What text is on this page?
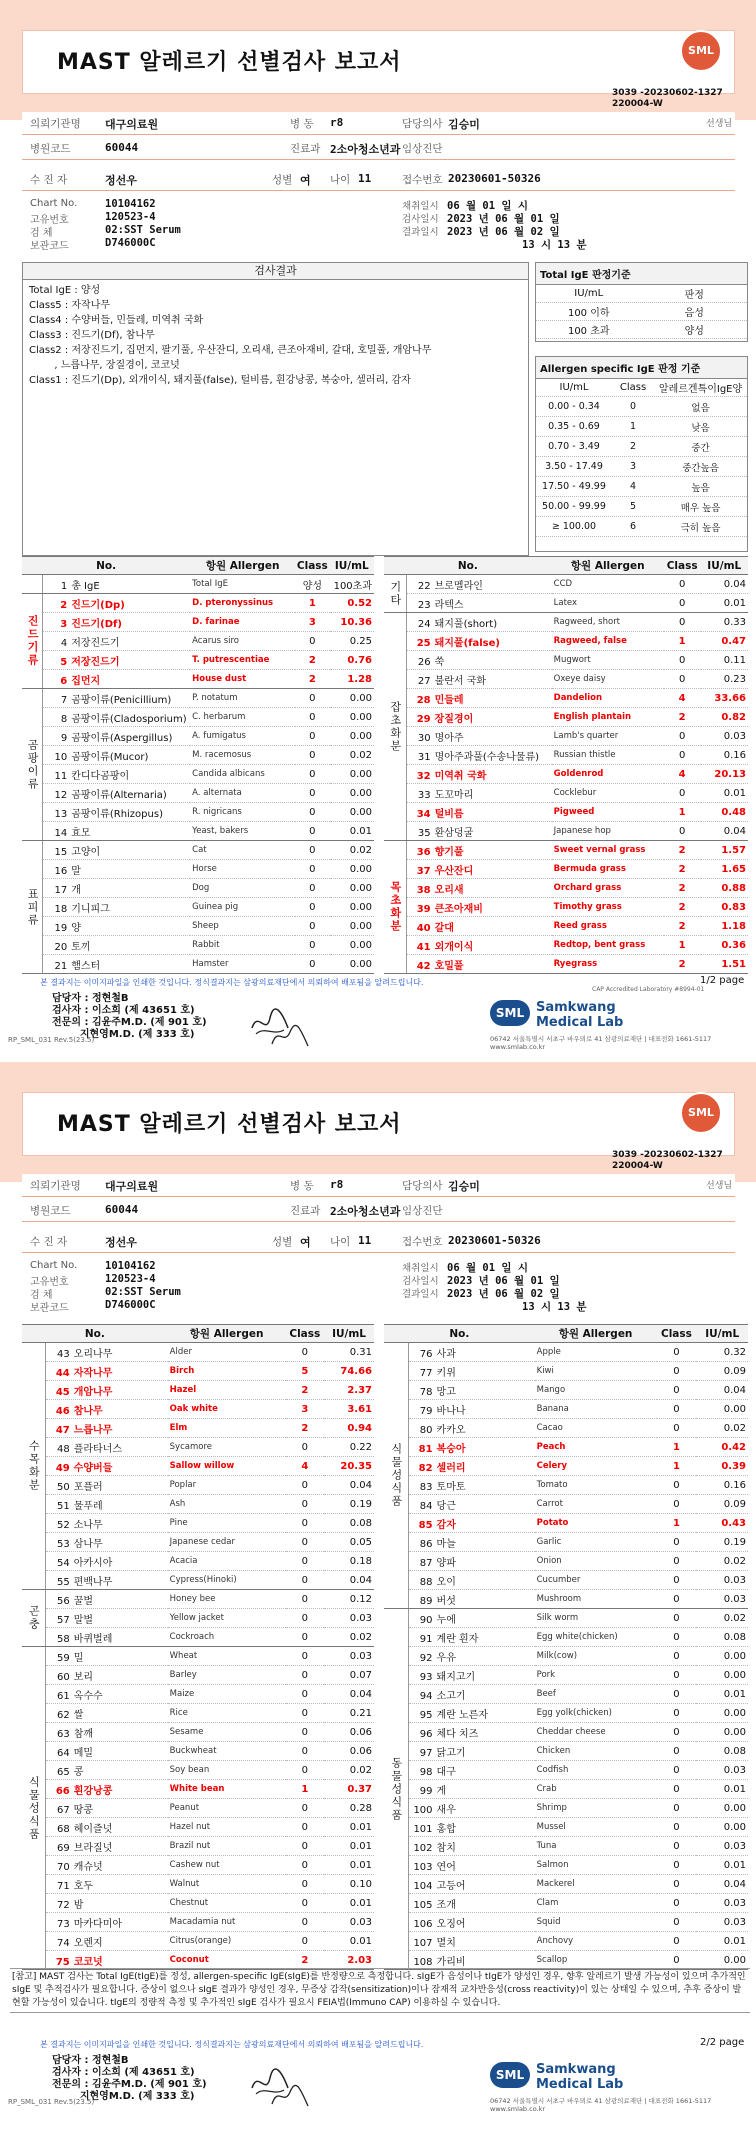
MAST 알레르기 선별검사 보고서	SML
3039 -20230602-1327
220004-W
의뢰기관명 대구의료원	병 동 r8	담당의사 김승미	선생님
병원코드	60044	진료과 2소아청소년과 임상진단
수 진 자	정선우	성별 여 나이 11	접수번호 20230601-50326
Chart No.	10104162
고유번호	120523-4
검 체	02:SST Serum
보관코드	D746000C
채취일시 06 월 01 일 시
검사일시 2023 년 06 월 01 일
결과일시 2023 년 06 월 02 일
13 시 13 분
검사결과
Total IgE : 양성
Class5 : 자작나무
Class4 : 수양버들, 민들레, 미역취 국화
Class3 : 진드기(Df), 참나무
Class2 : 저장진드기, 집먼지, 팔기풀, 우산잔디, 오리새, 큰조아재비, 갈대, 호밀풀, 개암나무
, 느릅나무, 장질경이, 코코넛
Class1 : 진드기(Dp), 외개이식, 돼지풀(false), 털비름, 흰강낭콩, 복숭아, 셀러리, 감자
Total IgE 판정기준
IU/mL	판정
100 이하	음성
100 초과	양성
Allergen specific IgE 판정 기준
IU/mL	Class	알레르겐특이IgE양
0.00 - 0.34	0	없음
0.35 - 0.69	1	낮음
0.70 - 3.49	2	중간
3.50 - 17.49	3	중간높음
17.50 - 49.99	4	높음
50.00 - 99.99	5	매우 높음
≥ 100.00	6	극히 높음
No.		항원 Allergen	Class	IU/mL
	1 총 IgE	Total IgE		양성	100초과
진드기류	2 진드기(Dp)	D. pteronyssinus		1	0.52
	3 진드기(Df)	D. farinae		3	10.36
	4 저장진드기	Acarus siro		0	0.25
	5 저장진드기	T. putrescentiae		2	0.76
	6 집먼지	House dust		2	1.28
곰팡이류	7 곰팡이류(Penicillium)	P. notatum		0	0.00
	8 곰팡이류(Cladosporium)	C. herbarum		0	0.00
	9 곰팡이류(Aspergillus)	A. fumigatus		0	0.00
	10 곰팡이류(Mucor)	M. racemosus		0	0.02
	11 칸디다곰팡이	Candida albicans		0	0.00
	12 곰팡이류(Alternaria)	A. alternata		0	0.00
	13 곰팡이류(Rhizopus)	R. nigricans		0	0.00
	14 효모	Yeast, bakers		0	0.01
표피류	15 고양이	Cat		0	0.02
	16 말	Horse		0	0.00
	17 개	Dog		0	0.00
	18 기니피그	Guinea pig		0	0.00
	19 양	Sheep		0	0.00
	20 토끼	Rabbit		0	0.00
	21 햄스터	Hamster		0	0.00
No.		항원 Allergen	Class	IU/mL
기타	22 브로멜라인	CCD		0	0.04
	23 라텍스	Latex		0	0.01
잡초화분	24 돼지풀(short)	Ragweed, short		0	0.33
	25 돼지풀(false)	Ragweed, false		1	0.47
	26 쑥	Mugwort		0	0.11
	27 불란서 국화	Oxeye daisy		0	0.23
	28 민들레	Dandelion		4	33.66
	29 장질경이	English plantain		2	0.82
	30 명아주	Lamb's quarter		0	0.03
	31 명아주과풀(수송나물류)	Russian thistle		0	0.16
	32 미역취 국화	Goldenrod		4	20.13
	33 도꼬마리	Cocklebur		0	0.01
	34 털비름	Pigweed		1	0.48
	35 환삼덩굴	Japanese hop		0	0.04
목초화분	36 향기풀	Sweet vernal grass		2	1.57
	37 우산잔디	Bermuda grass		2	1.65
	38 오리새	Orchard grass		2	0.88
	39 큰조아재비	Timothy grass		2	0.83
	40 갈대	Reed grass		2	1.18
	41 외개이식	Redtop, bent grass		1	0.36
	42 호밀풀	Ryegrass		2	1.51
본 결과지는 이미지파일을 인쇄한 것입니다. 정식결과지는 삼광의료재단에서 의뢰하여 배포됨을 알려드립니다.
CAP Accredited Laboratory #8994-01
1/2 page
담당자 : 정현철B
검사자 : 이소희 (제 43651 호)
전문의 : 김윤주M.D. (제 901 호)
지현영M.D. (제 333 호)
RP_SML_031 Rev.5(23.5)
SML Samkwang
Medical Lab
06742 서울특별시 서초구 바우뫼로 41 삼광의료재단 | 대표전화 1661-5117 www.smlab.co.kr
MAST 알레르기 선별검사 보고서	SML
3039 -20230602-1327
220004-W
의뢰기관명 대구의료원	병 동 r8	담당의사 김승미	선생님
병원코드	60044	진료과 2소아청소년과 임상진단
수 진 자	정선우	성별 여 나이 11	접수번호 20230601-50326
Chart No.	10104162
고유번호	120523-4
검 체	02:SST Serum
보관코드	D746000C
채취일시 06 월 01 일 시
검사일시 2023 년 06 월 01 일
결과일시 2023 년 06 월 02 일
13 시 13 분
No.		항원 Allergen	Class	IU/mL
수목화분	43 오리나무	Alder		0	0.31
	44 자작나무	Birch		5	74.66
	45 개암나무	Hazel		2	2.37
	46 참나무	Oak white		3	3.61
	47 느릅나무	Elm		2	0.94
	48 플라타너스	Sycamore		0	0.22
	49 수양버들	Sallow willow		4	20.35
	50 포플러	Poplar		0	0.04
	51 물푸레	Ash		0	0.19
	52 소나무	Pine		0	0.08
	53 삼나무	Japanese cedar		0	0.05
	54 아카시아	Acacia		0	0.18
	55 편백나무	Cypress(Hinoki)		0	0.04
곤충	56 꿀벌	Honey bee		0	0.12
	57 말벌	Yellow jacket		0	0.03
	58 바퀴벌레	Cockroach		0	0.02
식물성식품	59 밀	Wheat		0	0.03
	60 보리	Barley		0	0.07
	61 옥수수	Maize		0	0.04
	62 쌀	Rice		0	0.21
	63 참깨	Sesame		0	0.06
	64 메밀	Buckwheat		0	0.06
	65 콩	Soy bean		0	0.02
	66 흰강낭콩	White bean		1	0.37
	67 땅콩	Peanut		0	0.28
	68 헤이즐넛	Hazel nut		0	0.01
	69 브라질넛	Brazil nut		0	0.01
	70 캐슈넛	Cashew nut		0	0.01
	71 호두	Walnut		0	0.10
	72 밤	Chestnut		0	0.01
	73 마카다미아	Macadamia nut		0	0.03
	74 오렌지	Citrus(orange)		0	0.01
	75 코코넛	Coconut		2	2.03
No.		항원 Allergen	Class	IU/mL
식물성식품	76 사과	Apple		0	0.32
	77 키위	Kiwi		0	0.09
	78 망고	Mango		0	0.04
	79 바나나	Banana		0	0.00
	80 카카오	Cacao		0	0.02
	81 복숭아	Peach		1	0.42
	82 셀러리	Celery		1	0.39
	83 토마토	Tomato		0	0.16
	84 당근	Carrot		0	0.09
	85 감자	Potato		1	0.43
	86 마늘	Garlic		0	0.19
	87 양파	Onion		0	0.02
	88 오이	Cucumber		0	0.03
	89 버섯	Mushroom		0	0.03
동물성식품	90 누에	Silk worm		0	0.02
	91 계란 흰자	Egg white(chicken)		0	0.08
	92 우유	Milk(cow)		0	0.00
	93 돼지고기	Pork		0	0.00
	94 소고기	Beef		0	0.01
	95 계란 노른자	Egg yolk(chicken)		0	0.00
	96 체다 치즈	Cheddar cheese		0	0.00
	97 닭고기	Chicken		0	0.08
	98 대구	Codfish		0	0.03
	99 게	Crab		0	0.01
	100 새우	Shrimp		0	0.00
	101 홍합	Mussel		0	0.00
	102 참치	Tuna		0	0.03
	103 연어	Salmon		0	0.01
	104 고등어	Mackerel		0	0.04
	105 조개	Clam		0	0.03
	106 오징어	Squid		0	0.03
	107 멸치	Anchovy		0	0.01
	108 가리비	Scallop		0	0.00
[참고] MAST 검사는 Total IgE(tIgE)를 정성, allergen-specific IgE(sIgE)를 반정량으로 측정합니다. sIgE가 음성이나 tIgE가 양성인 경우, 향후 알레르기 발생 가능성이 있으며 추가적인 sIgE 및 추적검사가 필요합니다. 증상이 없으나 sIgE 결과가 양성인 경우, 무증상 감작(sensitization)이나 잠재적 교차반응성(cross reactivity)이 있는 상태일 수 있으며, 추후 증상이 발현할 가능성이 있습니다. tIgE의 정량적 측정 및 추가적인 sIgE 검사가 필요시 FEIA법(Immuno CAP) 이용하실 수 있습니다.
본 결과지는 이미지파일을 인쇄한 것입니다. 정식결과지는 삼광의료재단에서 의뢰하여 배포됨을 알려드립니다.	2/2 page
담당자 : 정현철B
검사자 : 이소희 (제 43651 호)
전문의 : 김윤주M.D. (제 901 호)
지현영M.D. (제 333 호)
RP_SML_031 Rev.5(23.5)
SML Samkwang
Medical Lab
06742 서울특별시 서초구 바우뫼로 41 삼광의료재단 | 대표전화 1661-5117 www.smlab.co.kr
